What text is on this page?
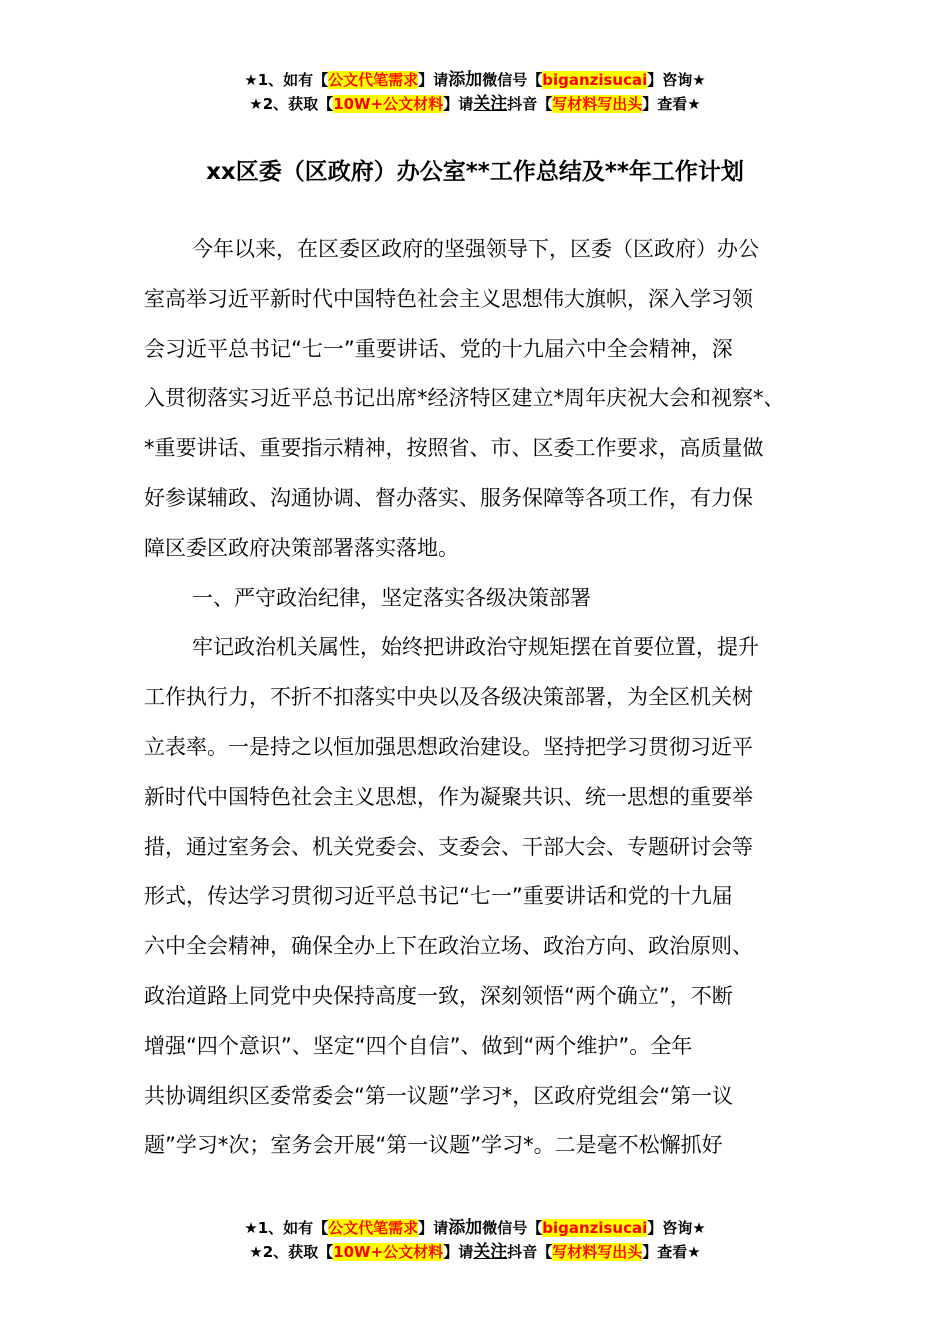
★1、如有【公文代笔需求】请添加微信号【biganzisucai】咨询★
★2、获取【10W+公文材料】请关注抖音【写材料写出头】查看★
xx区委（区政府）办公室**工作总结及**年工作计划
今年以来，在区委区政府的坚强领导下，区委（区政府）办公
室高举习近平新时代中国特色社会主义思想伟大旗帜，深入学习领
会习近平总书记“七一”重要讲话、党的十九届六中全会精神，深
入贯彻落实习近平总书记出席*经济特区建立*周年庆祝大会和视察*、
*重要讲话、重要指示精神，按照省、市、区委工作要求，高质量做
好参谋辅政、沟通协调、督办落实、服务保障等各项工作，有力保
障区委区政府决策部署落实落地。
一、严守政治纪律，坚定落实各级决策部署
牢记政治机关属性，始终把讲政治守规矩摆在首要位置，提升
工作执行力，不折不扣落实中央以及各级决策部署，为全区机关树
立表率。一是持之以恒加强思想政治建设。坚持把学习贯彻习近平
新时代中国特色社会主义思想，作为凝聚共识、统一思想的重要举
措，通过室务会、机关党委会、支委会、干部大会、专题研讨会等
形式，传达学习贯彻习近平总书记“七一”重要讲话和党的十九届
六中全会精神，确保全办上下在政治立场、政治方向、政治原则、
政治道路上同党中央保持高度一致，深刻领悟“两个确立”，不断
增强“四个意识”、坚定“四个自信”、做到“两个维护”。全年
共协调组织区委常委会“第一议题”学习*，区政府党组会“第一议
题”学习*次；室务会开展“第一议题”学习*。二是毫不松懈抓好
★1、如有【公文代笔需求】请添加微信号【biganzisucai】咨询★
★2、获取【10W+公文材料】请关注抖音【写材料写出头】查看★
